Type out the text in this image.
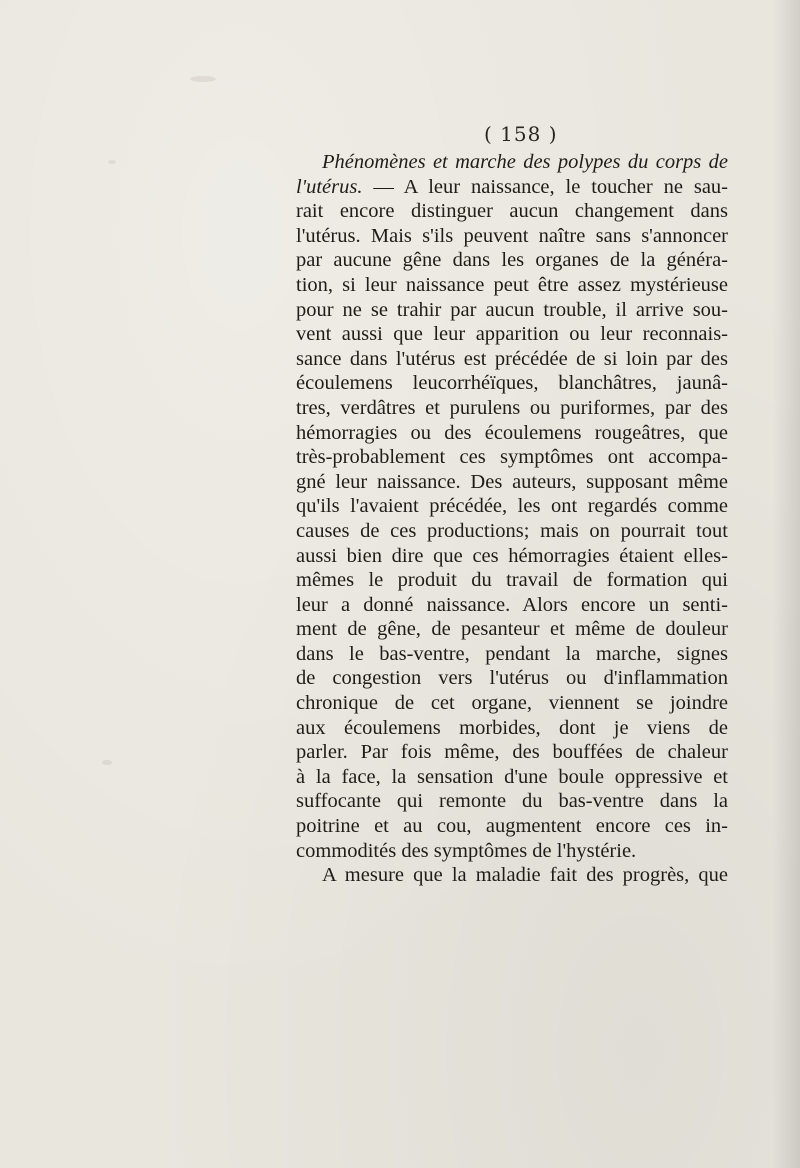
( 158 )
Phénomènes et marche des polypes du corps de
l'utérus. — A leur naissance, le toucher ne sau-
rait encore distinguer aucun changement dans
l'utérus. Mais s'ils peuvent naître sans s'annoncer
par aucune gêne dans les organes de la généra-
tion, si leur naissance peut être assez mystérieuse
pour ne se trahir par aucun trouble, il arrive sou-
vent aussi que leur apparition ou leur reconnais-
sance dans l'utérus est précédée de si loin par des
écoulemens leucorrhéïques, blanchâtres, jaunâ-
tres, verdâtres et purulens ou puriformes, par des
hémorragies ou des écoulemens rougeâtres, que
très-probablement ces symptômes ont accompa-
gné leur naissance. Des auteurs, supposant même
qu'ils l'avaient précédée, les ont regardés comme
causes de ces productions; mais on pourrait tout
aussi bien dire que ces hémorragies étaient elles-
mêmes le produit du travail de formation qui
leur a donné naissance. Alors encore un senti-
ment de gêne, de pesanteur et même de douleur
dans le bas-ventre, pendant la marche, signes
de congestion vers l'utérus ou d'inflammation
chronique de cet organe, viennent se joindre
aux écoulemens morbides, dont je viens de
parler. Par fois même, des bouffées de chaleur
à la face, la sensation d'une boule oppressive et
suffocante qui remonte du bas-ventre dans la
poitrine et au cou, augmentent encore ces in-
commodités des symptômes de l'hystérie.
A mesure que la maladie fait des progrès, que
